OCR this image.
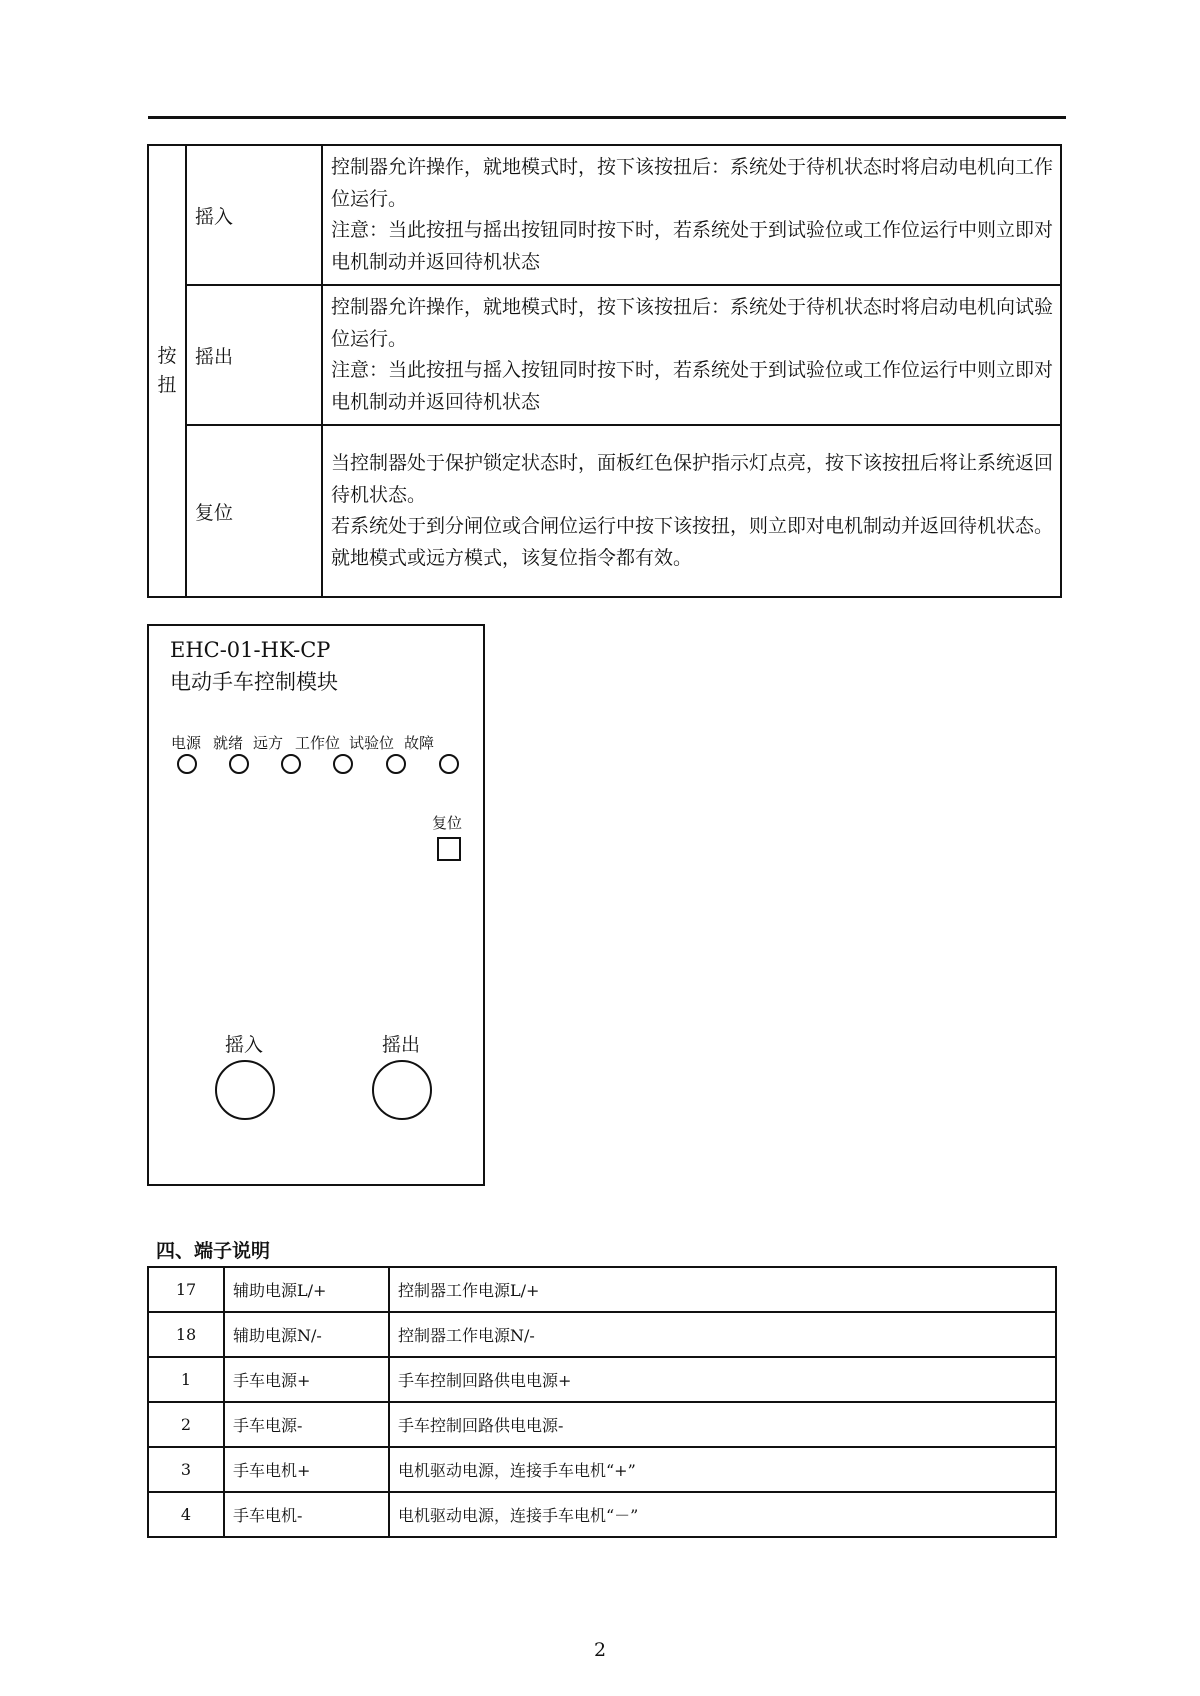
按扭	摇入	控制器允许操作，就地模式时，按下该按扭后：系统处于待机状态时将启动电机向工作位运行。

注意：当此按扭与摇出按钮同时按下时，若系统处于到试验位或工作位运行中则立即对电机制动并返回待机状态

	摇出	控制器允许操作，就地模式时，按下该按扭后：系统处于待机状态时将启动电机向试验位运行。

注意：当此按扭与摇入按钮同时按下时，若系统处于到试验位或工作位运行中则立即对电机制动并返回待机状态

	复位	当控制器处于保护锁定状态时，面板红色保护指示灯点亮，按下该按扭后将让系统返回待机状态。

若系统处于到分闸位或合闸位运行中按下该按扭，则立即对电机制动并返回待机状态。

就地模式或远方模式，该复位指令都有效。

EHC-01-HK-CP
电动手车控制模块
电源 就绪 远方 工作位 试验位 故障
复位
摇入	摇出
四、端子说明
17	辅助电源L/+	控制器工作电源L/+
18	辅助电源N/-	控制器工作电源N/-
1	手车电源+	手车控制回路供电电源+
2	手车电源-	手车控制回路供电电源-
3	手车电机+	电机驱动电源，连接手车电机“+”
4	手车电机-	电机驱动电源，连接手车电机“－”
2
